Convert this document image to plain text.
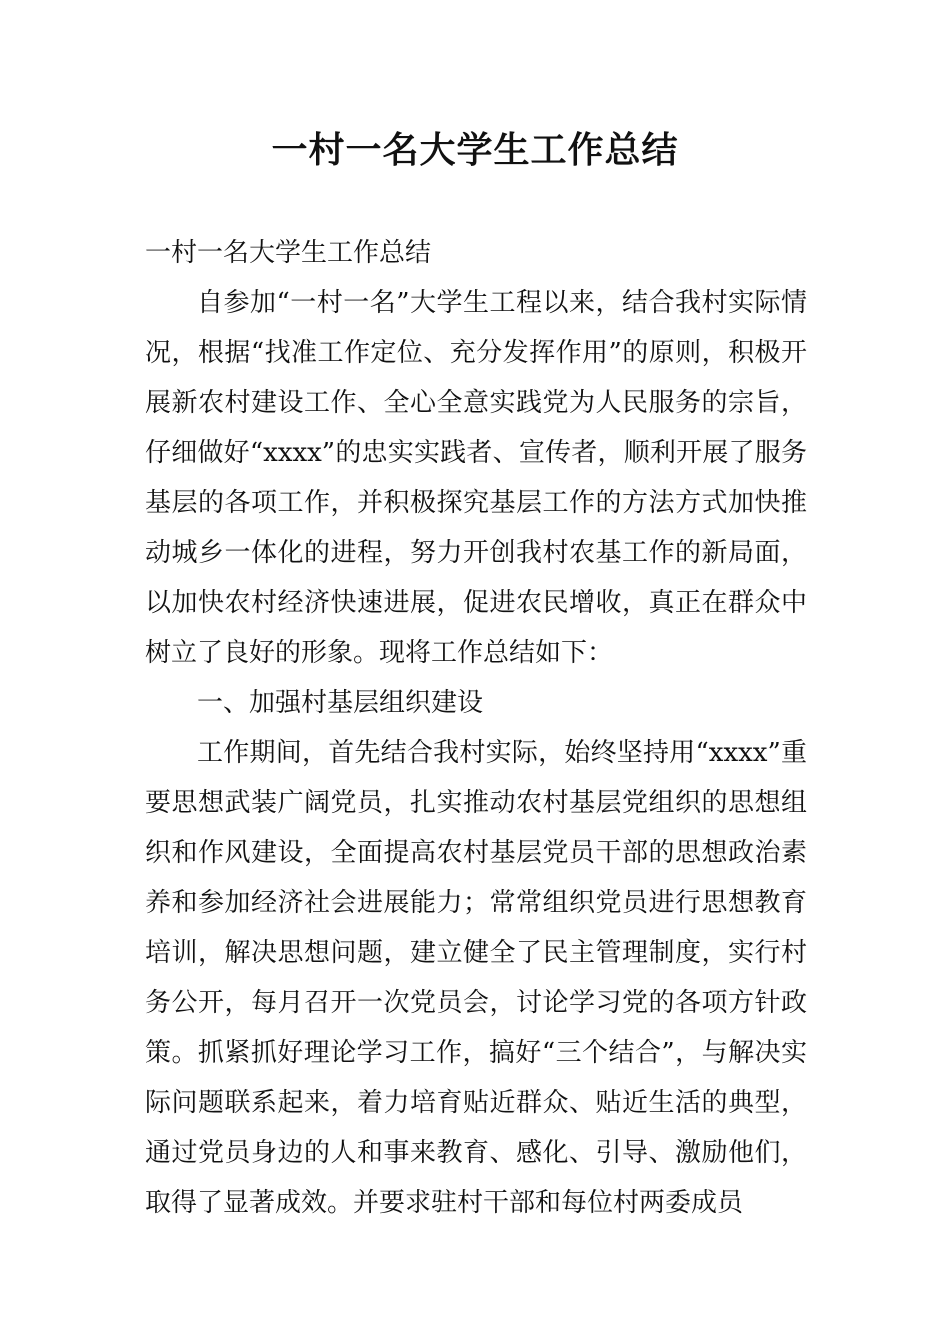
一村一名大学生工作总结

一村一名大学生工作总结

自参加“一村一名”大学生工程以来，结合我村实际情况，根据“找准工作定位、充分发挥作用”的原则，积极开展新农村建设工作、全心全意实践党为人民服务的宗旨，仔细做好“xxxx”的忠实实践者、宣传者，顺利开展了服务基层的各项工作，并积极探究基层工作的方法方式加快推动城乡一体化的进程，努力开创我村农基工作的新局面，以加快农村经济快速进展，促进农民增收，真正在群众中树立了良好的形象。现将工作总结如下：

一、加强村基层组织建设

工作期间，首先结合我村实际，始终坚持用“xxxx”重要思想武装广阔党员，扎实推动农村基层党组织的思想组织和作风建设，全面提高农村基层党员干部的思想政治素养和参加经济社会进展能力；常常组织党员进行思想教育培训，解决思想问题，建立健全了民主管理制度，实行村务公开，每月召开一次党员会，讨论学习党的各项方针政策。抓紧抓好理论学习工作，搞好“三个结合”，与解决实际问题联系起来，着力培育贴近群众、贴近生活的典型，通过党员身边的人和事来教育、感化、引导、激励他们，取得了显著成效。并要求驻村干部和每位村两委成员
